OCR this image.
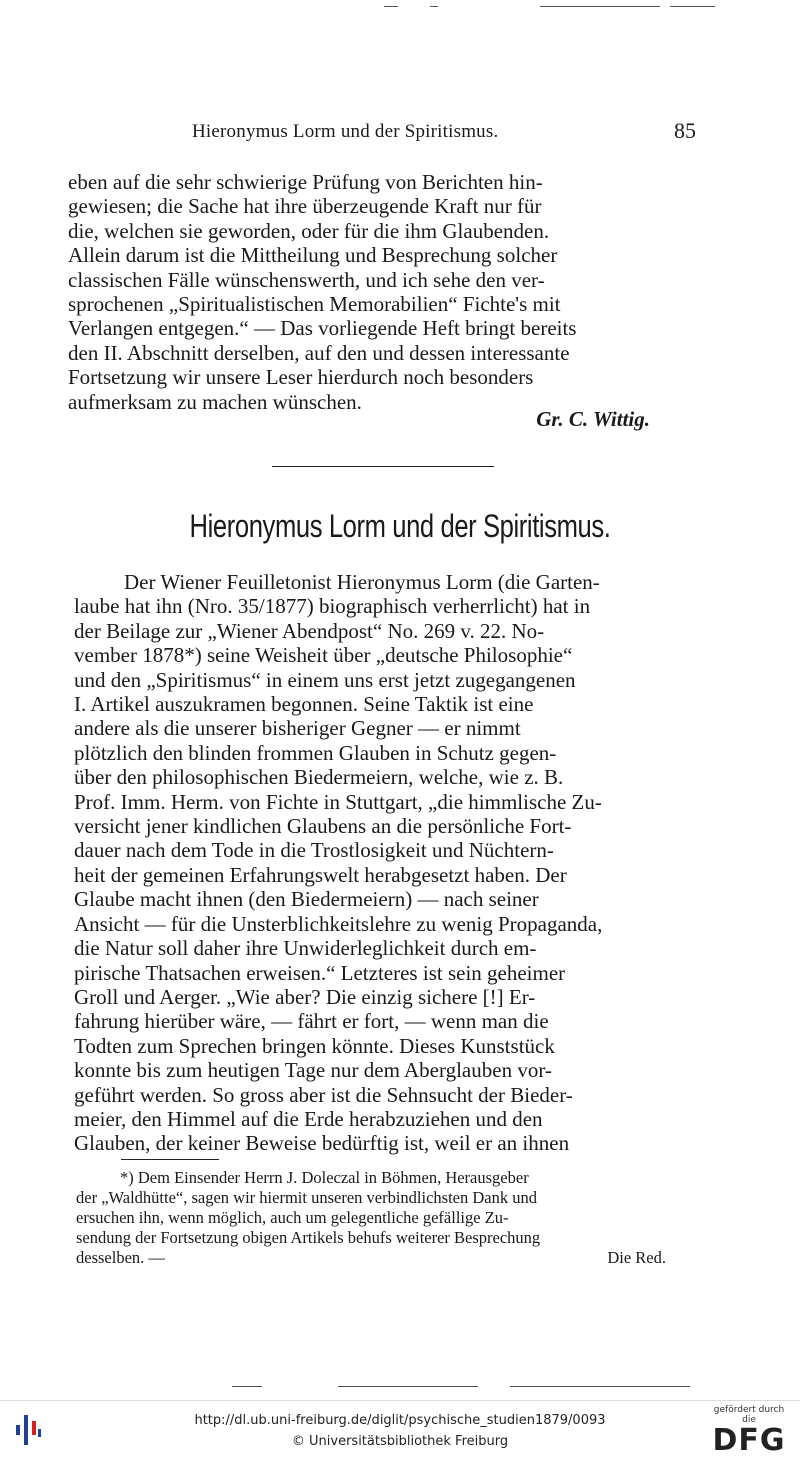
Hieronymus Lorm und der Spiritismus.	85

eben auf die sehr schwierige Prüfung von Berichten hin-

gewiesen; die Sache hat ihre überzeugende Kraft nur für

die, welchen sie geworden, oder für die ihm Glaubenden.

Allein darum ist die Mittheilung und Besprechung solcher

classischen Fälle wünschenswerth, und ich sehe den ver-

sprochenen „Spiritualistischen Memorabilien“ Fichte's mit

Verlangen entgegen.“ — Das vorliegende Heft bringt bereits

den II. Abschnitt derselben, auf den und dessen interessante

Fortsetzung wir unsere Leser hierdurch noch besonders

aufmerksam zu machen wünschen.

Gr. C. Wittig.
Hieronymus Lorm und der Spiritismus.

Der Wiener Feuilletonist Hieronymus Lorm (die Garten-

laube hat ihn (Nro. 35/1877) biographisch verherrlicht) hat in

der Beilage zur „Wiener Abendpost“ No. 269 v. 22. No-

vember 1878*) seine Weisheit über „deutsche Philosophie“

und den „Spiritismus“ in einem uns erst jetzt zugegangenen

I. Artikel auszukramen begonnen. Seine Taktik ist eine

andere als die unserer bisheriger Gegner — er nimmt

plötzlich den blinden frommen Glauben in Schutz gegen-

über den philosophischen Biedermeiern, welche, wie z. B.

Prof. Imm. Herm. von Fichte in Stuttgart, „die himmlische Zu-

versicht jener kindlichen Glaubens an die persönliche Fort-

dauer nach dem Tode in die Trostlosigkeit und Nüchtern-

heit der gemeinen Erfahrungswelt herabgesetzt haben. Der

Glaube macht ihnen (den Biedermeiern) — nach seiner

Ansicht — für die Unsterblichkeitslehre zu wenig Propaganda,

die Natur soll daher ihre Unwiderleglichkeit durch em-

pirische Thatsachen erweisen.“ Letzteres ist sein geheimer

Groll und Aerger. „Wie aber? Die einzig sichere [!] Er-

fahrung hierüber wäre, — fährt er fort, — wenn man die

Todten zum Sprechen bringen könnte. Dieses Kunststück

konnte bis zum heutigen Tage nur dem Aberglauben vor-

geführt werden. So gross aber ist die Sehnsucht der Bieder-

meier, den Himmel auf die Erde herabzuziehen und den

Glauben, der keiner Beweise bedürftig ist, weil er an ihnen

*) Dem Einsender Herrn J. Doleczal in Böhmen, Herausgeber
der „Waldhütte“, sagen wir hiermit unseren verbindlichsten Dank und
ersuchen ihn, wenn möglich, auch um gelegentliche gefällige Zu-
sendung der Fortsetzung obigen Artikels behufs weiterer Besprechung
Die Red.
desselben. —
http://dl.ub.uni-freiburg.de/diglit/psychische_studien1879/0093
© Universitätsbibliothek Freiburg
gefördert durch die
DFG
